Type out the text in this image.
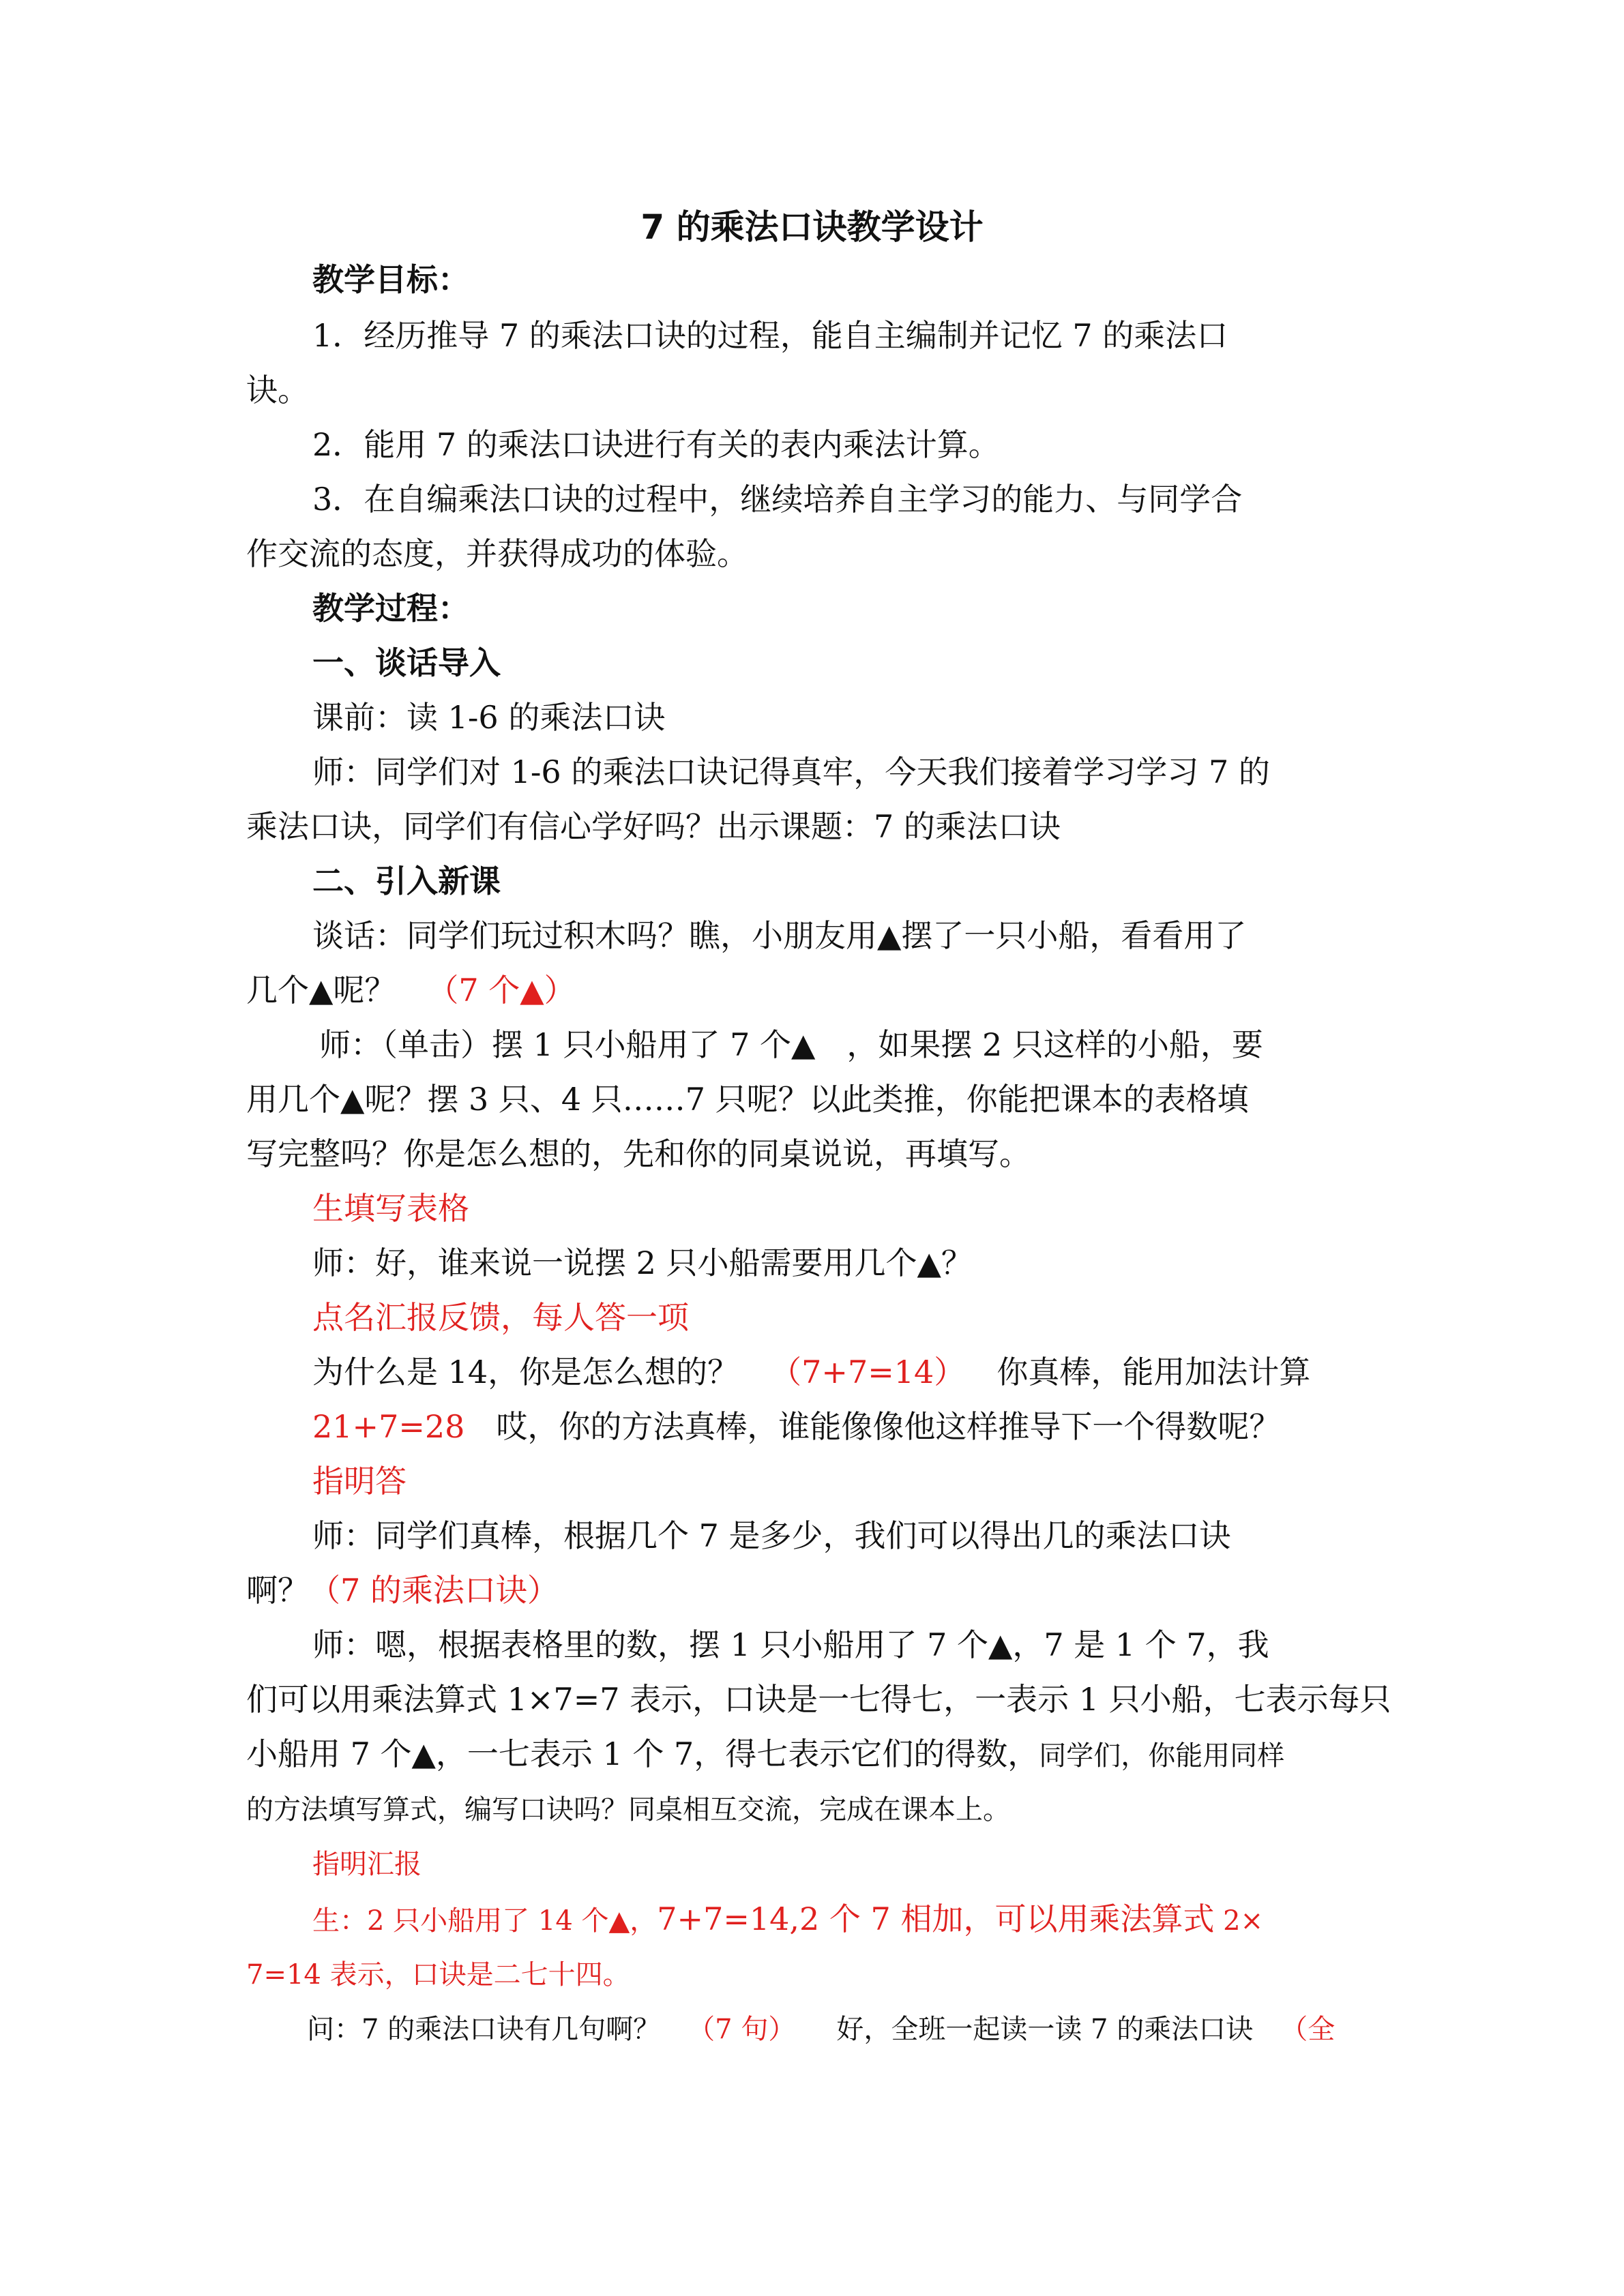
7 的乘法口诀教学设计
教学目标：
1．经历推导 7 的乘法口诀的过程，能自主编制并记忆 7 的乘法口
诀。
2．能用 7 的乘法口诀进行有关的表内乘法计算。
3．在自编乘法口诀的过程中，继续培养自主学习的能力、与同学合
作交流的态度，并获得成功的体验。
教学过程：
一、谈话导入
课前：读 1-6 的乘法口诀
师：同学们对 1-6 的乘法口诀记得真牢，今天我们接着学习学习 7 的
乘法口诀，同学们有信心学好吗？出示课题：7 的乘法口诀
二、引入新课
谈话：同学们玩过积木吗？瞧，小朋友用▲摆了一只小船，看看用了
几个▲呢？ （7 个▲）
师：（单击）摆 1 只小船用了 7 个▲　，如果摆 2 只这样的小船，要
用几个▲呢？摆 3 只、4 只……7 只呢？以此类推，你能把课本的表格填
写完整吗？你是怎么想的，先和你的同桌说说，再填写。
生填写表格
师：好，谁来说一说摆 2 只小船需要用几个▲？
点名汇报反馈，每人答一项
为什么是 14，你是怎么想的？ （7+7=14） 你真棒，能用加法计算
21+7=28 哎，你的方法真棒，谁能像像他这样推导下一个得数呢？
指明答
师：同学们真棒，根据几个 7 是多少，我们可以得出几的乘法口诀
啊？（7 的乘法口诀）
师：嗯，根据表格里的数，摆 1 只小船用了 7 个▲，7 是 1 个 7，我
们可以用乘法算式 1×7=7 表示，口诀是一七得七，一表示 1 只小船，七表示每只
小船用 7 个▲，一七表示 1 个 7，得七表示它们的得数，同学们，你能用同样
的方法填写算式，编写口诀吗？同桌相互交流，完成在课本上。
指明汇报
生：2 只小船用了 14 个▲，7+7=14,2 个 7 相加，可以用乘法算式 2×
7=14 表示，口诀是二七十四。
问：7 的乘法口诀有几句啊？ （7 句） 好，全班一起读一读 7 的乘法口诀 （全
